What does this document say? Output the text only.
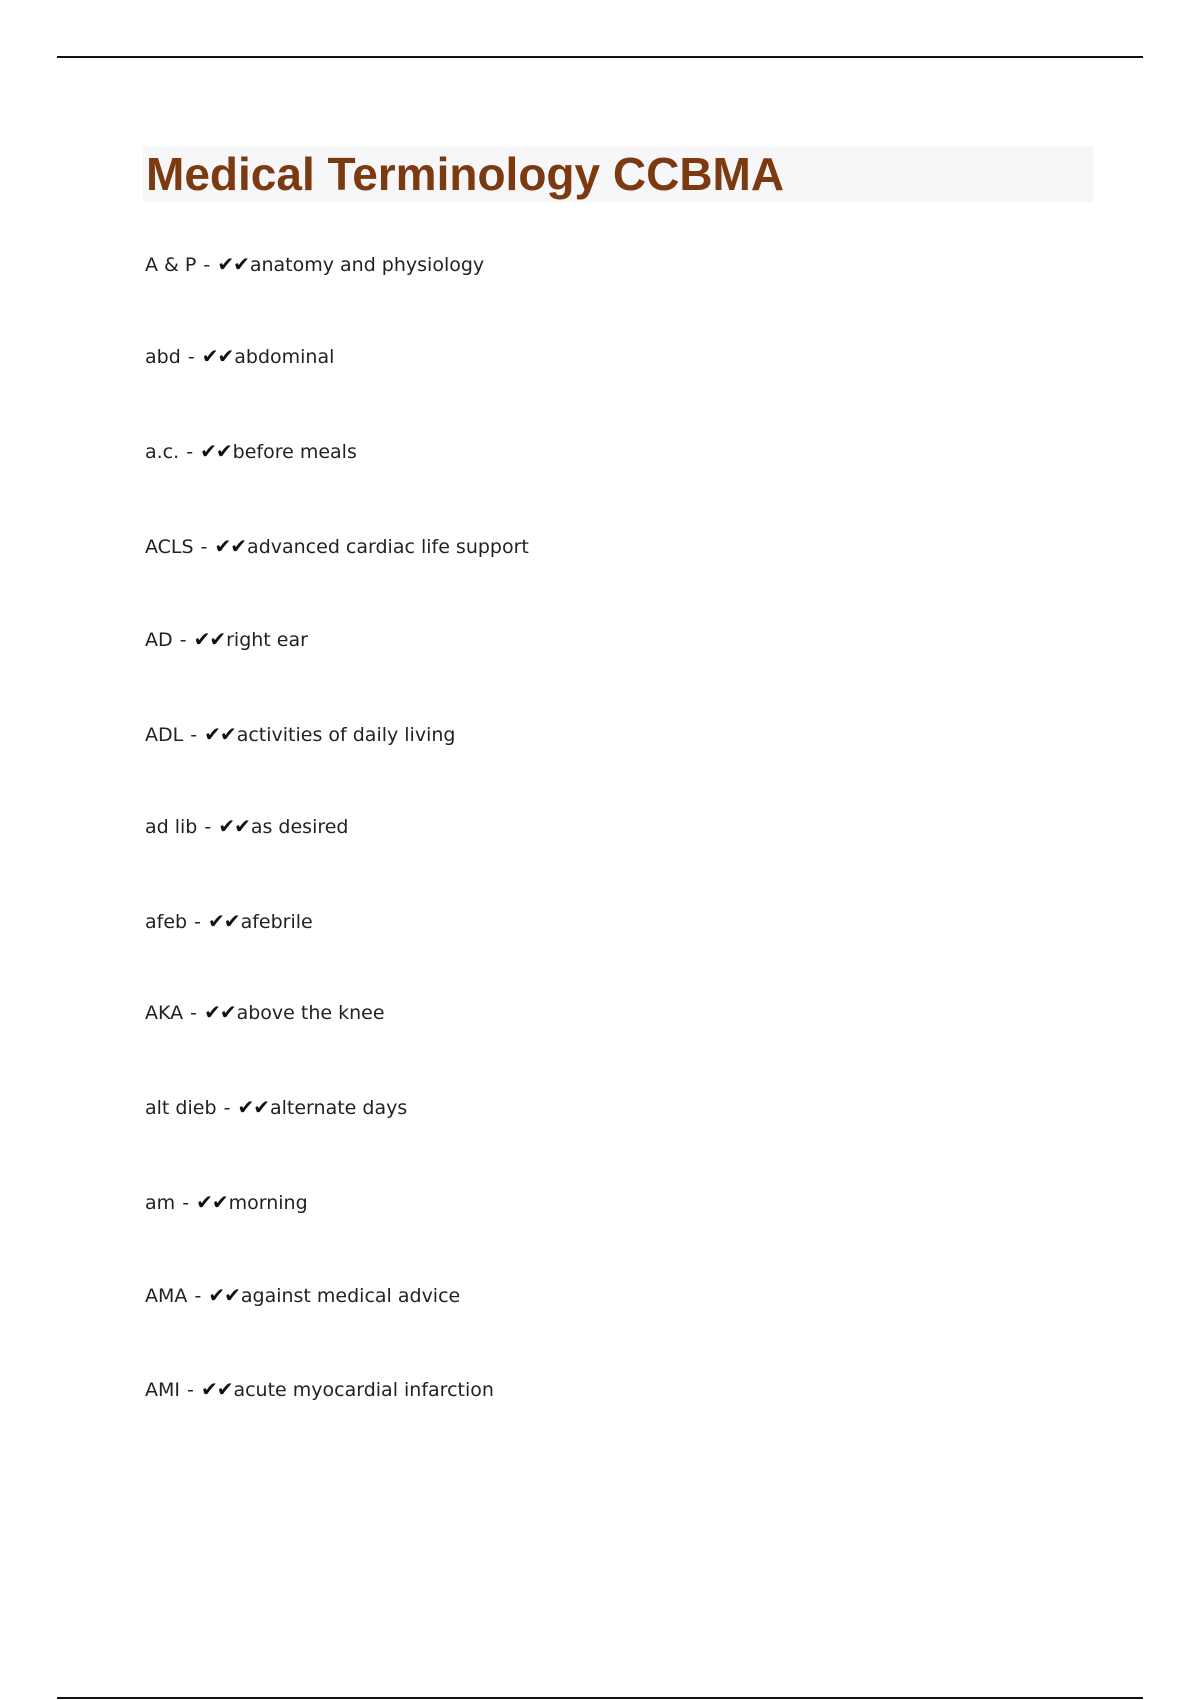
Medical Terminology CCBMA
A & P - ✔✔anatomy and physiology
abd - ✔✔abdominal
a.c. - ✔✔before meals
ACLS - ✔✔advanced cardiac life support
AD - ✔✔right ear
ADL - ✔✔activities of daily living
ad lib - ✔✔as desired
afeb - ✔✔afebrile
AKA - ✔✔above the knee
alt dieb - ✔✔alternate days
am - ✔✔morning
AMA - ✔✔against medical advice
AMI - ✔✔acute myocardial infarction
